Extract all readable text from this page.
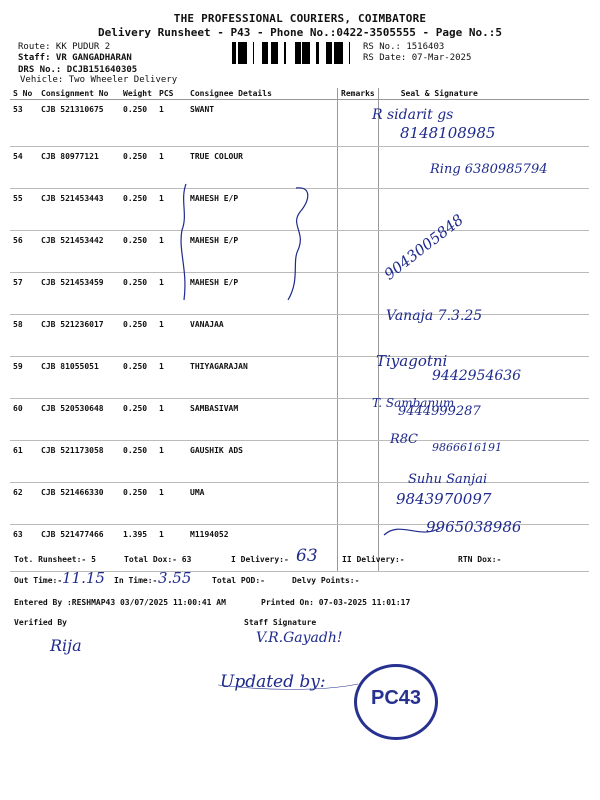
THE PROFESSIONAL COURIERS, COIMBATORE
Delivery Runsheet - P43 - Phone No.:0422-3505555 - Page No.:5
Route: KK PUDUR 2
Staff: VR GANGADHARAN
DRS No.: DCJB151640305
Vehicle: Two Wheeler Delivery
RS No.: 1516403
RS Date: 07-Mar-2025
S No	Consignment No	Weight	PCS	Consignee Details	Remarks	Seal & Signature
53	CJB 521310675	0.250	1	SWANT		
54	CJB 80977121	0.250	1	TRUE COLOUR		
55	CJB 521453443	0.250	1	MAHESH E/P		
56	CJB 521453442	0.250	1	MAHESH E/P		
57	CJB 521453459	0.250	1	MAHESH E/P		
58	CJB 521236017	0.250	1	VANAJAA		
59	CJB 81055051	0.250	1	THIYAGARAJAN		
60	CJB 520530648	0.250	1	SAMBASIVAM		
61	CJB 521173058	0.250	1	GAUSHIK ADS		
62	CJB 521466330	0.250	1	UMA		
63	CJB 521477466	1.395	1	M1194052		
R sidarit gs
8148108985
Ring 6380985794
9043005848
Vanaja 7.3.25
Tiyagotni
9442954636
T. Sambanum
9444999287
R8C
9866616191
Suhu Sanjai
9843970097
9965038986
Tot. Runsheet:- 5	Total Dox:- 63	I Delivery:- 63	II Delivery:-	RTN Dox:-
Out Time:- 11.15 In Time:- 3.55	Total POD:-	Delvy Points:-
Entered By :RESHMAP43 03/07/2025 11:00:41 AM	Printed On: 07-03-2025 11:01:17
Verified By	Staff Signature
Rija	V.R.Gayadh!
Updated by:
PC43
